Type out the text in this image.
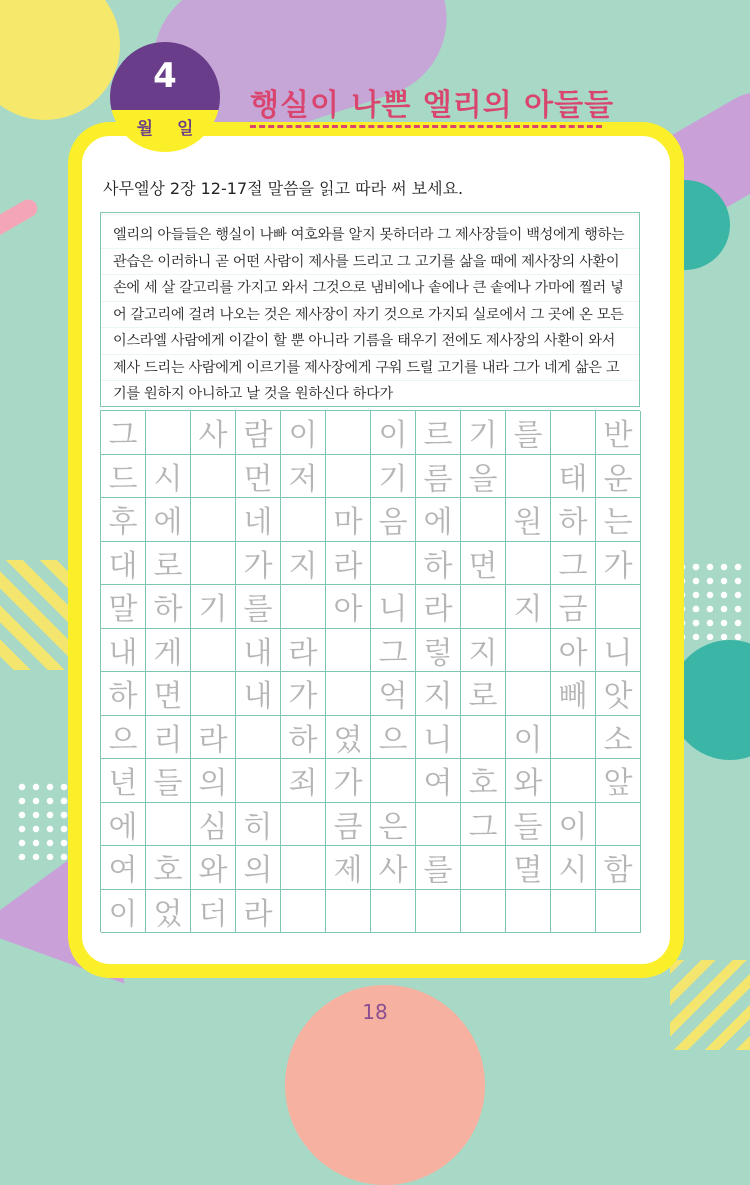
4
월 일
행실이 나쁜 엘리의 아들들
사무엘상 2장 12-17절 말씀을 읽고 따라 써 보세요.
엘리의 아들들은 행실이 나빠 여호와를 알지 못하더라 그 제사장들이 백성에게 행하는 관습은 이러하니 곧 어떤 사람이 제사를 드리고 그 고기를 삶을 때에 제사장의 사환이 손에 세 살 갈고리를 가지고 와서 그것으로 냄비에나 솥에나 큰 솥에나 가마에 찔러 넣어 갈고리에 걸려 나오는 것은 제사장이 자기 것으로 가지되 실로에서 그 곳에 온 모든 이스라엘 사람에게 이같이 할 뿐 아니라 기름을 태우기 전에도 제사장의 사환이 와서 제사 드리는 사람에게 이르기를 제사장에게 구워 드릴 고기를 내라 그가 네게 삶은 고기를 원하지 아니하고 날 것을 원하신다 하다가
그 사 람 이 이 르 기 를 반
드 시 먼 저 기 름 을 태 운
후 에 네 마 음 에 원 하 는
대 로 가 지 라 하 면 그 가
말 하 기 를 아 니 라 지 금
내 게 내 라 그 렇 지 아 니
하 면 내 가 억 지 로 빼 앗
으 리 라 하 였 으 니 이 소
년 들 의 죄 가 여 호 와 앞
에 심 히 큼 은 그 들 이
여 호 와 의 제 사 를 멸 시 함
이 었 더 라
18
